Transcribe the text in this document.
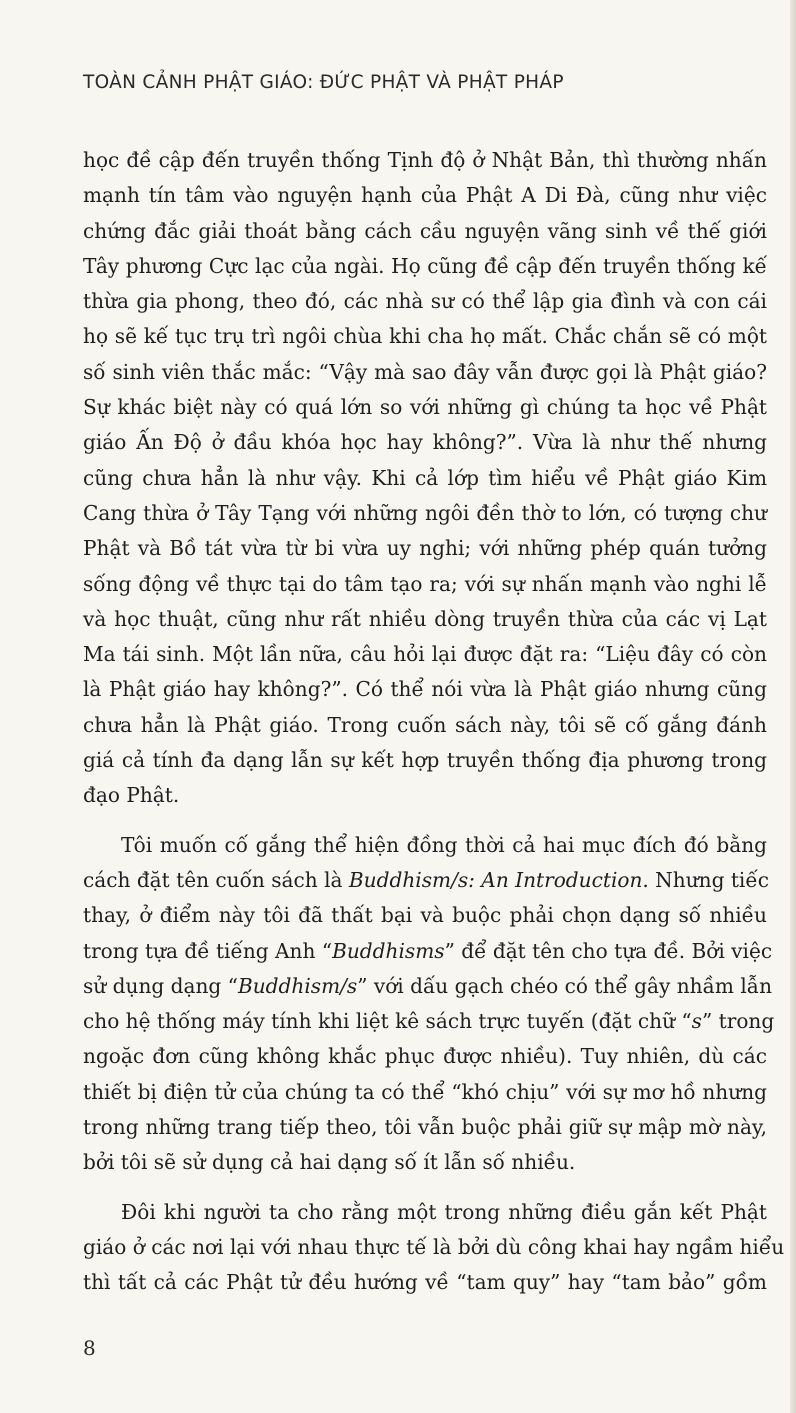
TOÀN CẢNH PHẬT GIÁO: ĐỨC PHẬT VÀ PHẬT PHÁP
học đề cập đến truyền thống Tịnh độ ở Nhật Bản, thì thường nhấn
mạnh tín tâm vào nguyện hạnh của Phật A Di Đà, cũng như việc
chứng đắc giải thoát bằng cách cầu nguyện vãng sinh về thế giới
Tây phương Cực lạc của ngài. Họ cũng đề cập đến truyền thống kế
thừa gia phong, theo đó, các nhà sư có thể lập gia đình và con cái
họ sẽ kế tục trụ trì ngôi chùa khi cha họ mất. Chắc chắn sẽ có một
số sinh viên thắc mắc: “Vậy mà sao đây vẫn được gọi là Phật giáo?
Sự khác biệt này có quá lớn so với những gì chúng ta học về Phật
giáo Ấn Độ ở đầu khóa học hay không?”. Vừa là như thế nhưng
cũng chưa hẳn là như vậy. Khi cả lớp tìm hiểu về Phật giáo Kim
Cang thừa ở Tây Tạng với những ngôi đền thờ to lớn, có tượng chư
Phật và Bồ tát vừa từ bi vừa uy nghi; với những phép quán tưởng
sống động về thực tại do tâm tạo ra; với sự nhấn mạnh vào nghi lễ
và học thuật, cũng như rất nhiều dòng truyền thừa của các vị Lạt
Ma tái sinh. Một lần nữa, câu hỏi lại được đặt ra: “Liệu đây có còn
là Phật giáo hay không?”. Có thể nói vừa là Phật giáo nhưng cũng
chưa hẳn là Phật giáo. Trong cuốn sách này, tôi sẽ cố gắng đánh
giá cả tính đa dạng lẫn sự kết hợp truyền thống địa phương trong
đạo Phật.
Tôi muốn cố gắng thể hiện đồng thời cả hai mục đích đó bằng
cách đặt tên cuốn sách là Buddhism/s: An Introduction. Nhưng tiếc
thay, ở điểm này tôi đã thất bại và buộc phải chọn dạng số nhiều
trong tựa đề tiếng Anh “Buddhisms” để đặt tên cho tựa đề. Bởi việc
sử dụng dạng “Buddhism/s” với dấu gạch chéo có thể gây nhầm lẫn
cho hệ thống máy tính khi liệt kê sách trực tuyến (đặt chữ “s” trong
ngoặc đơn cũng không khắc phục được nhiều). Tuy nhiên, dù các
thiết bị điện tử của chúng ta có thể “khó chịu” với sự mơ hồ nhưng
trong những trang tiếp theo, tôi vẫn buộc phải giữ sự mập mờ này,
bởi tôi sẽ sử dụng cả hai dạng số ít lẫn số nhiều.
Đôi khi người ta cho rằng một trong những điều gắn kết Phật
giáo ở các nơi lại với nhau thực tế là bởi dù công khai hay ngầm hiểu
thì tất cả các Phật tử đều hướng về “tam quy” hay “tam bảo” gồm
8
